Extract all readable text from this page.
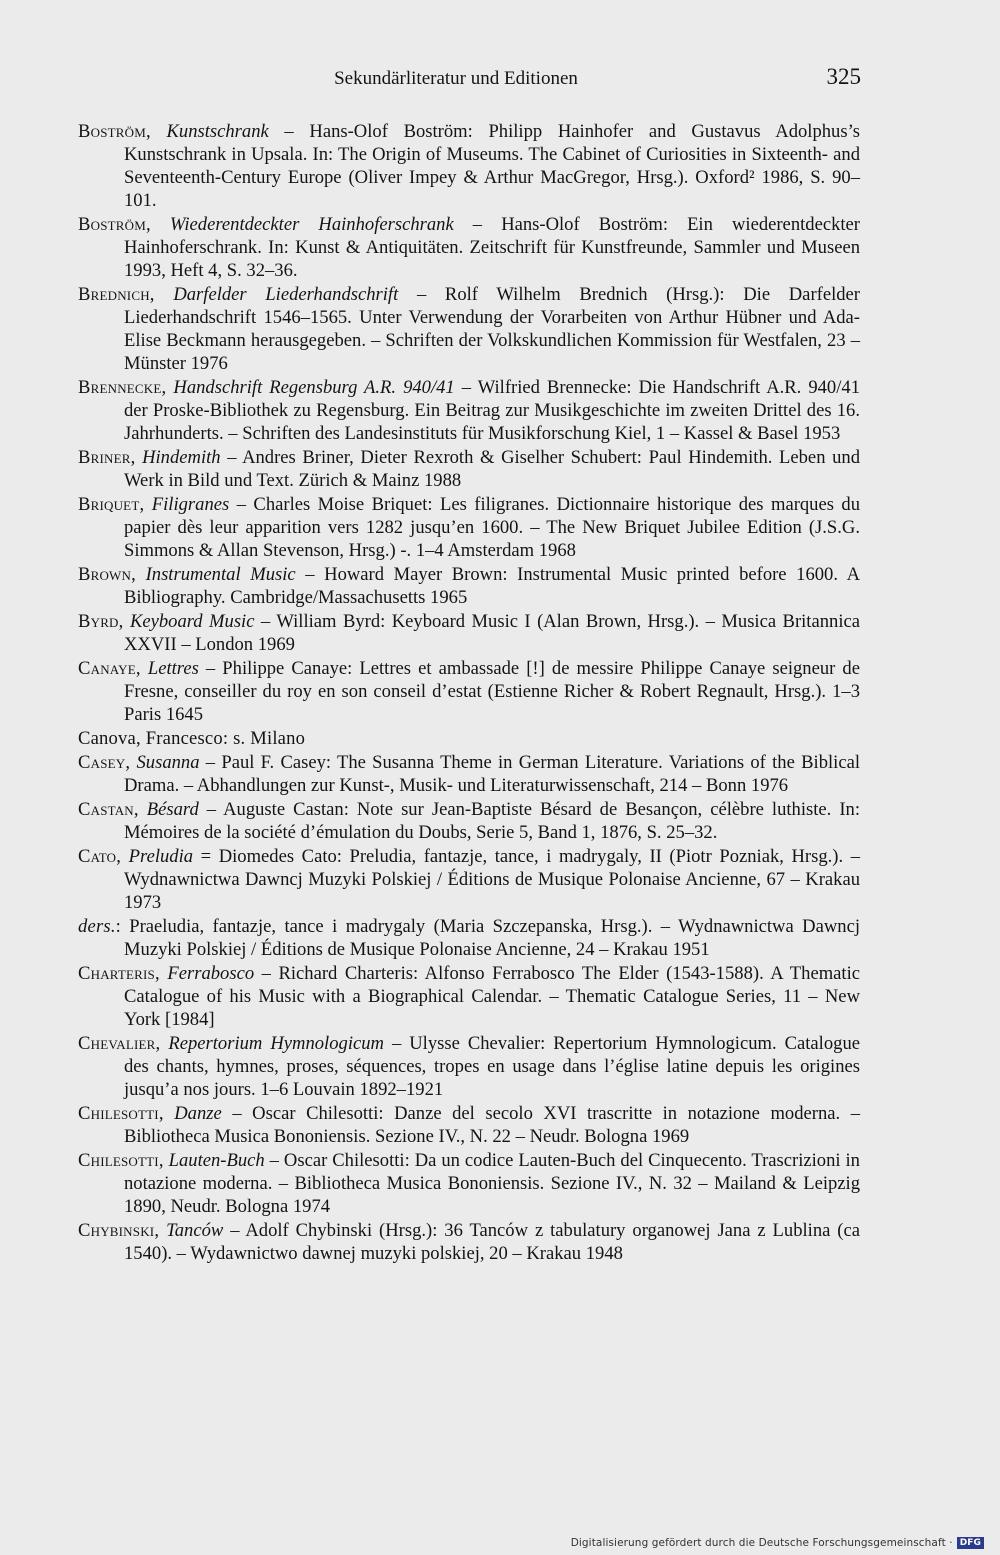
Sekundärliteratur und Editionen	325

Boström, Kunstschrank – Hans-Olof Boström: Philipp Hainhofer and Gustavus Adolphus’s Kunstschrank in Upsala. In: The Origin of Museums. The Cabinet of Curiosities in Sixteenth- and Seventeenth-Century Europe (Oliver Impey & Arthur MacGregor, Hrsg.). Oxford² 1986, S. 90–101.

Boström, Wiederentdeckter Hainhoferschrank – Hans-Olof Boström: Ein wiederentdeckter Hainhoferschrank. In: Kunst & Antiquitäten. Zeitschrift für Kunstfreunde, Sammler und Museen 1993, Heft 4, S. 32–36.

Brednich, Darfelder Liederhandschrift – Rolf Wilhelm Brednich (Hrsg.): Die Darfelder Liederhandschrift 1546–1565. Unter Verwendung der Vorarbeiten von Arthur Hübner und Ada-Elise Beckmann herausgegeben. – Schriften der Volkskundlichen Kommission für Westfalen, 23 – Münster 1976

Brennecke, Handschrift Regensburg A.R. 940/41 – Wilfried Brennecke: Die Handschrift A.R. 940/41 der Proske-Bibliothek zu Regensburg. Ein Beitrag zur Musikgeschichte im zweiten Drittel des 16. Jahrhunderts. – Schriften des Landesinstituts für Musikforschung Kiel, 1 – Kassel & Basel 1953

Briner, Hindemith – Andres Briner, Dieter Rexroth & Giselher Schubert: Paul Hindemith. Leben und Werk in Bild und Text. Zürich & Mainz 1988

Briquet, Filigranes – Charles Moise Briquet: Les filigranes. Dictionnaire historique des marques du papier dès leur apparition vers 1282 jusqu’en 1600. – The New Briquet Jubilee Edition (J.S.G. Simmons & Allan Stevenson, Hrsg.) -. 1–4 Amsterdam 1968

Brown, Instrumental Music – Howard Mayer Brown: Instrumental Music printed before 1600. A Bibliography. Cambridge/Massachusetts 1965

Byrd, Keyboard Music – William Byrd: Keyboard Music I (Alan Brown, Hrsg.). – Musica Britannica XXVII – London 1969

Canaye, Lettres – Philippe Canaye: Lettres et ambassade [!] de messire Philippe Canaye seigneur de Fresne, conseiller du roy en son conseil d’estat (Estienne Richer & Robert Regnault, Hrsg.). 1–3 Paris 1645

Canova, Francesco: s. Milano

Casey, Susanna – Paul F. Casey: The Susanna Theme in German Literature. Variations of the Biblical Drama. – Abhandlungen zur Kunst-, Musik- und Literaturwissenschaft, 214 – Bonn 1976

Castan, Bésard – Auguste Castan: Note sur Jean-Baptiste Bésard de Besançon, célèbre luthiste. In: Mémoires de la société d’émulation du Doubs, Serie 5, Band 1, 1876, S. 25–32.

Cato, Preludia = Diomedes Cato: Preludia, fantazje, tance, i madrygaly, II (Piotr Pozniak, Hrsg.). – Wydnawnictwa Dawncj Muzyki Polskiej / Éditions de Musique Polonaise Ancienne, 67 – Krakau 1973

ders.: Praeludia, fantazje, tance i madrygaly (Maria Szczepanska, Hrsg.). – Wydnawnictwa Dawncj Muzyki Polskiej / Éditions de Musique Polonaise Ancienne, 24 – Krakau 1951

Charteris, Ferrabosco – Richard Charteris: Alfonso Ferrabosco The Elder (1543-1588). A Thematic Catalogue of his Music with a Biographical Calendar. – Thematic Catalogue Series, 11 – New York [1984]

Chevalier, Repertorium Hymnologicum – Ulysse Chevalier: Repertorium Hymnologicum. Catalogue des chants, hymnes, proses, séquences, tropes en usage dans l’église latine depuis les origines jusqu’a nos jours. 1–6 Louvain 1892–1921

Chilesotti, Danze – Oscar Chilesotti: Danze del secolo XVI trascritte in notazione moderna. – Bibliotheca Musica Bononiensis. Sezione IV., N. 22 – Neudr. Bologna 1969

Chilesotti, Lauten-Buch – Oscar Chilesotti: Da un codice Lauten-Buch del Cinquecento. Trascrizioni in notazione moderna. – Bibliotheca Musica Bononiensis. Sezione IV., N. 32 – Mailand & Leipzig 1890, Neudr. Bologna 1974

Chybinski, Tanców – Adolf Chybinski (Hrsg.): 36 Tanców z tabulatury organowej Jana z Lublina (ca 1540). – Wydawnictwo dawnej muzyki polskiej, 20 – Krakau 1948

Digitalisierung gefördert durch die Deutsche Forschungsgemeinschaft · DFG
